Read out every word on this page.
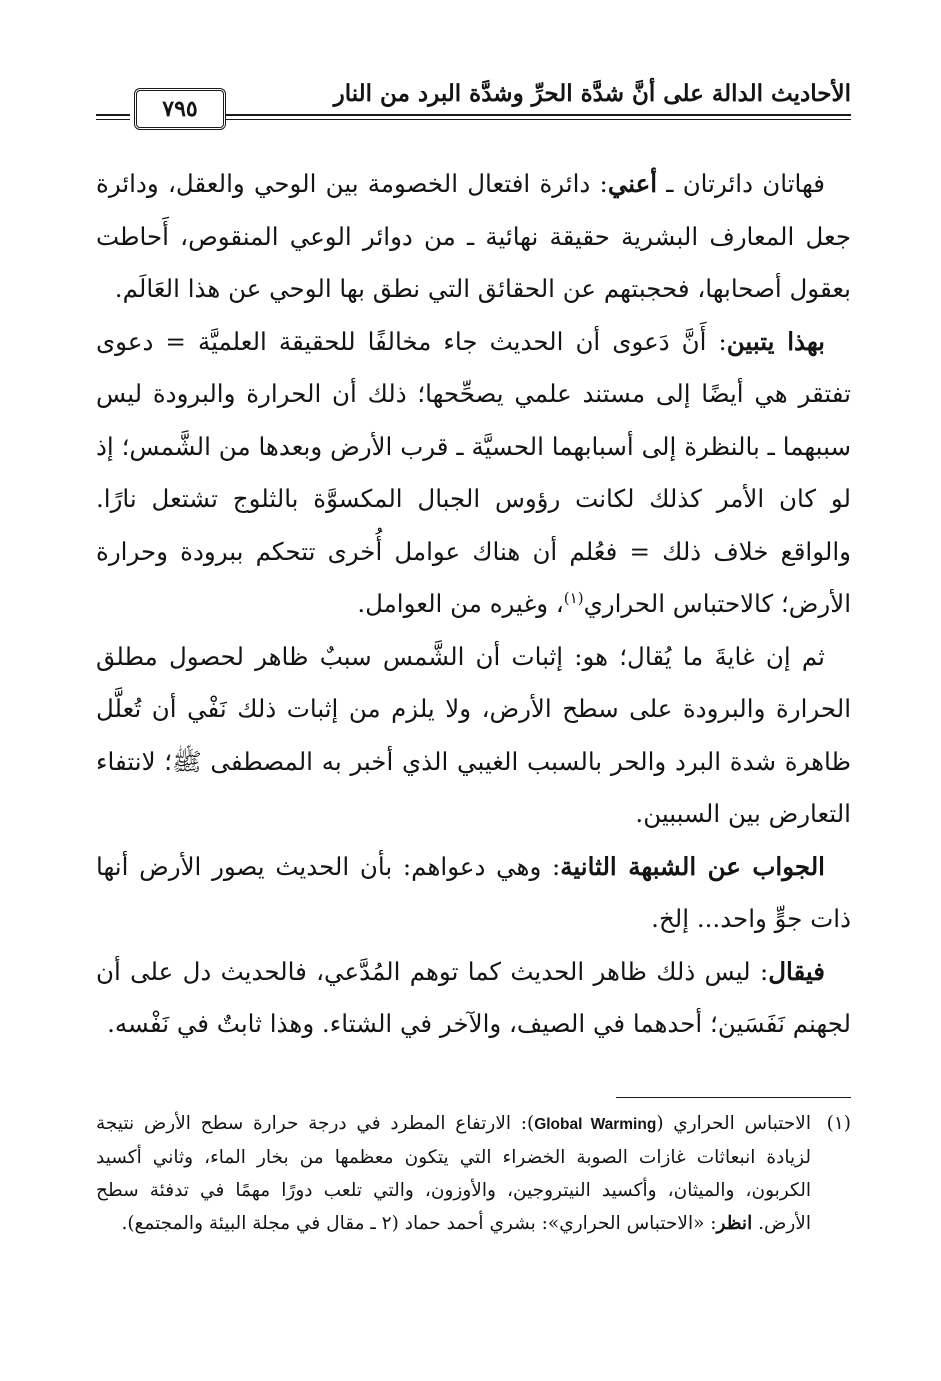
الأحاديث الدالة على أنَّ شدَّة الحرِّ وشدَّة البرد من النار
٧٩٥

فهاتان دائرتان ـ أعني: دائرة افتعال الخصومة بين الوحي والعقل، ودائرة جعل المعارف البشرية حقيقة نهائية ـ من دوائر الوعي المنقوص، أَحاطت بعقول أصحابها، فحجبتهم عن الحقائق التي نطق بها الوحي عن هذا العَالَم.

بهذا يتبين: أَنَّ دَعوى أن الحديث جاء مخالفًا للحقيقة العلميَّة = دعوى تفتقر هي أيضًا إلى مستند علمي يصحِّحها؛ ذلك أن الحرارة والبرودة ليس سببهما ـ بالنظرة إلى أسبابهما الحسيَّة ـ قرب الأرض وبعدها من الشَّمس؛ إذ لو كان الأمر كذلك لكانت رؤوس الجبال المكسوَّة بالثلوج تشتعل نارًا. والواقع خلاف ذلك = فعُلم أن هناك عوامل أُخرى تتحكم ببرودة وحرارة الأرض؛ كالاحتباس الحراري$^{(١)}$، وغيره من العوامل.

ثم إن غايةَ ما يُقال؛ هو: إثبات أن الشَّمس سببٌ ظاهر لحصول مطلق الحرارة والبرودة على سطح الأرض، ولا يلزم من إثبات ذلك نَفْي أن تُعلَّل ظاهرة شدة البرد والحر بالسبب الغيبي الذي أخبر به المصطفى ﷺ؛ لانتفاء التعارض بين السببين.

الجواب عن الشبهة الثانية: وهي دعواهم: بأن الحديث يصور الأرض أنها ذات جوٍّ واحد... إلخ.

فيقال: ليس ذلك ظاهر الحديث كما توهم المُدَّعي، فالحديث دل على أن لجهنم نَفَسَين؛ أحدهما في الصيف، والآخر في الشتاء. وهذا ثابتٌ في نَفْسه.

(١)
الاحتباس الحراري (Global Warming): الارتفاع المطرد في درجة حرارة سطح الأرض نتيجة لزيادة انبعاثات غازات الصوبة الخضراء التي يتكون معظمها من بخار الماء، وثاني أكسيد الكربون، والميثان، وأكسيد النيتروجين، والأوزون، والتي تلعب دورًا مهمًا في تدفئة سطح الأرض. انظر: «الاحتباس الحراري»: بشري أحمد حماد (٢ ـ مقال في مجلة البيئة والمجتمع).
